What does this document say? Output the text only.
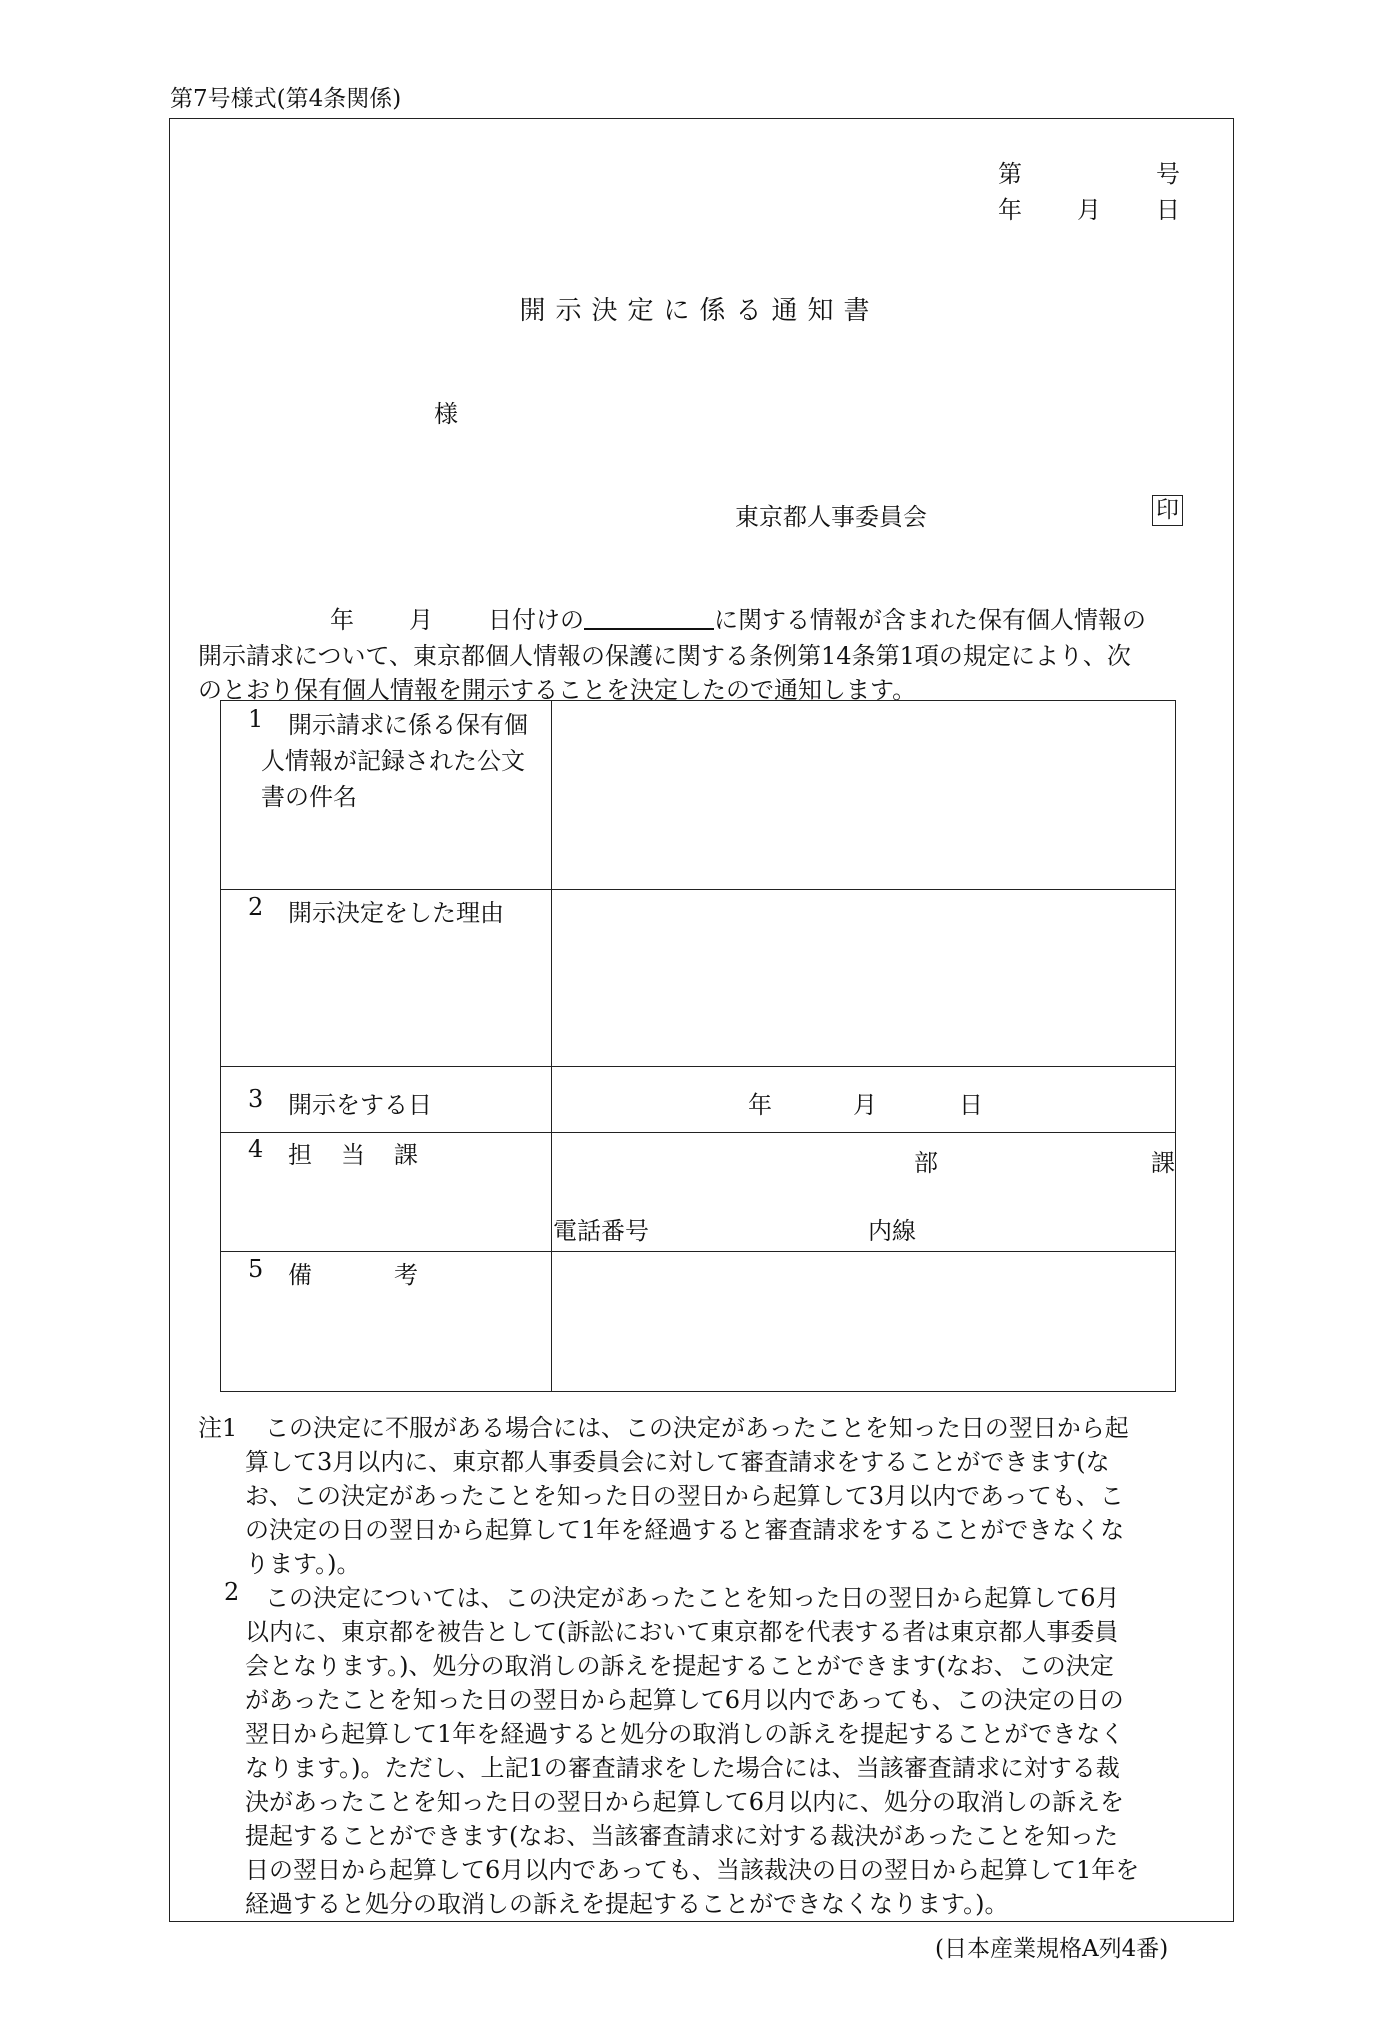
第7号様式(第4条関係)
第	号
年 月 日
開示決定に係る通知書
様
東京都人事委員会	印
年 月 日付けの	に関する情報が含まれた保有個人情報の
開示請求について、東京都個人情報の保護に関する条例第14条第1項の規定により、次
のとおり保有個人情報を開示することを決定したので通知します。
1 開示請求に係る保有個
人情報が記録された公文
書の件名
2 開示決定をした理由
3 開示をする日	年	月	日
4 担 当 課	部	課
電話番号	内線
5 備	考
注1 この決定に不服がある場合には、この決定があったことを知った日の翌日から起
算して3月以内に、東京都人事委員会に対して審査請求をすることができます(な
お、この決定があったことを知った日の翌日から起算して3月以内であっても、こ
の決定の日の翌日から起算して1年を経過すると審査請求をすることができなくな
ります。)。
2 この決定については、この決定があったことを知った日の翌日から起算して6月
以内に、東京都を被告として(訴訟において東京都を代表する者は東京都人事委員
会となります。)、処分の取消しの訴えを提起することができます(なお、この決定
があったことを知った日の翌日から起算して6月以内であっても、この決定の日の
翌日から起算して1年を経過すると処分の取消しの訴えを提起することができなく
なります。)。ただし、上記1の審査請求をした場合には、当該審査請求に対する裁
決があったことを知った日の翌日から起算して6月以内に、処分の取消しの訴えを
提起することができます(なお、当該審査請求に対する裁決があったことを知った
日の翌日から起算して6月以内であっても、当該裁決の日の翌日から起算して1年を
経過すると処分の取消しの訴えを提起することができなくなります。)。
(日本産業規格A列4番)
